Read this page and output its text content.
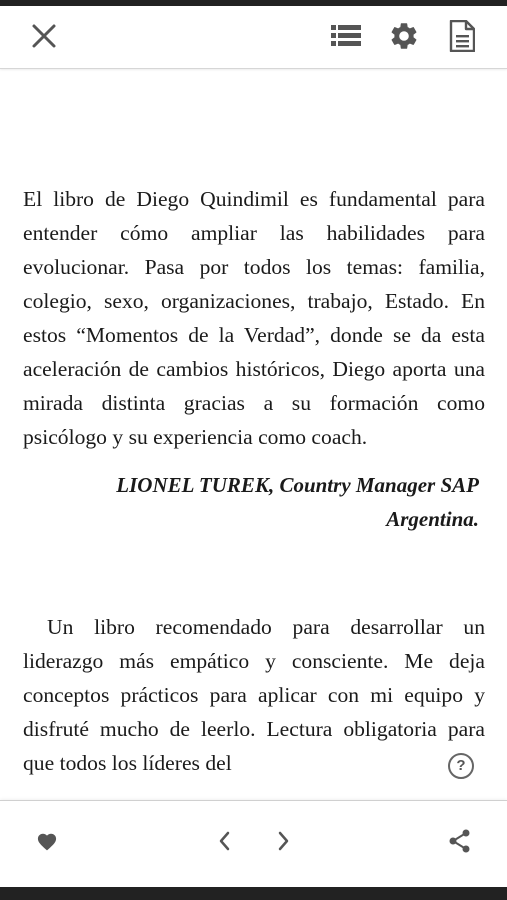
El libro de Diego Quindimil es fundamental para entender cómo ampliar las habilidades para evolucionar. Pasa por todos los temas: familia, colegio, sexo, organizaciones, trabajo, Estado. En estos “Momentos de la Verdad”, donde se da esta aceleración de cambios históricos, Diego aporta una mirada distinta gracias a su formación como psicólogo y su experiencia como coach.

LIONEL TUREK, Country Manager SAP
Argentina.

Un libro recomendado para desarrollar un liderazgo más empático y consciente. Me deja conceptos prácticos para aplicar con mi equipo y disfruté mucho de leerlo. Lectura obligatoria para que todos los líderes del	?
